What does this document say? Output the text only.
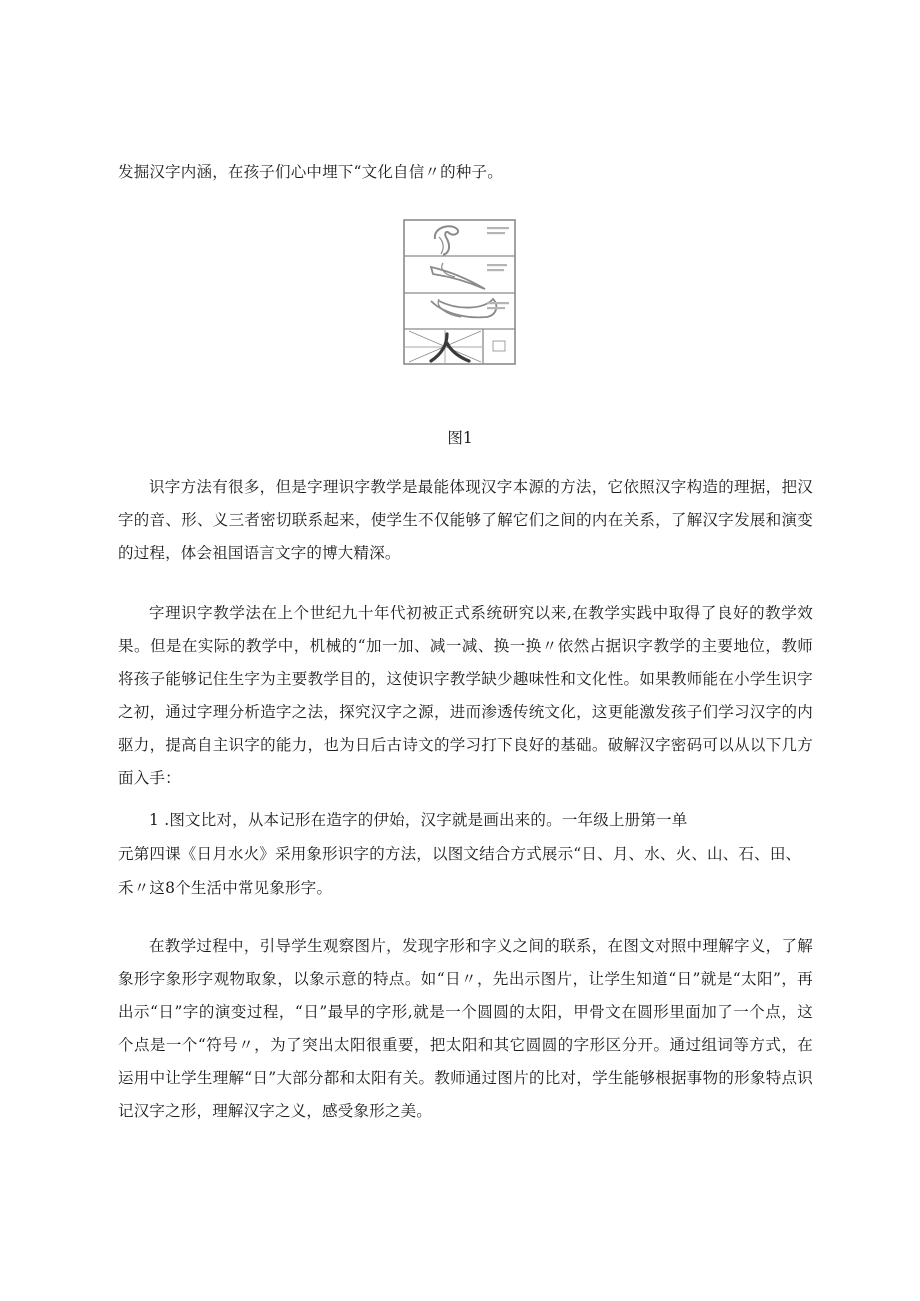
发掘汉字内涵，在孩子们心中埋下“文化自信〃的种子。

图1

识字方法有很多，但是字理识字教学是最能体现汉字本源的方法，它依照汉字构造的理据，把汉字的音、形、义三者密切联系起来，使学生不仅能够了解它们之间的内在关系，了解汉字发展和演变的过程，体会祖国语言文字的博大精深。

字理识字教学法在上个世纪九十年代初被正式系统研究以来,在教学实践中取得了良好的教学效果。但是在实际的教学中，机械的“加一加、减一减、换一换〃依然占据识字教学的主要地位，教师将孩子能够记住生字为主要教学目的，这使识字教学缺少趣味性和文化性。如果教师能在小学生识字之初，通过字理分析造字之法，探究汉字之源，进而渗透传统文化，这更能激发孩子们学习汉字的内驱力，提高自主识字的能力，也为日后古诗文的学习打下良好的基础。破解汉字密码可以从以下几方面入手：

1 .图文比对，从本记形在造字的伊始，汉字就是画出来的。一年级上册第一单

元第四课《日月水火》采用象形识字的方法，以图文结合方式展示“日、月、水、火、山、石、田、

禾〃这8个生活中常见象形字。

在教学过程中，引导学生观察图片，发现字形和字义之间的联系，在图文对照中理解字义，了解象形字象形字观物取象，以象示意的特点。如“日〃，先出示图片，让学生知道“日”就是“太阳”，再出示“日”字的演变过程，“日”最早的字形,就是一个圆圆的太阳，甲骨文在圆形里面加了一个点，这个点是一个“符号〃，为了突出太阳很重要，把太阳和其它圆圆的字形区分开。通过组词等方式，在运用中让学生理解“日”大部分都和太阳有关。教师通过图片的比对，学生能够根据事物的形象特点识记汉字之形，理解汉字之义，感受象形之美。
